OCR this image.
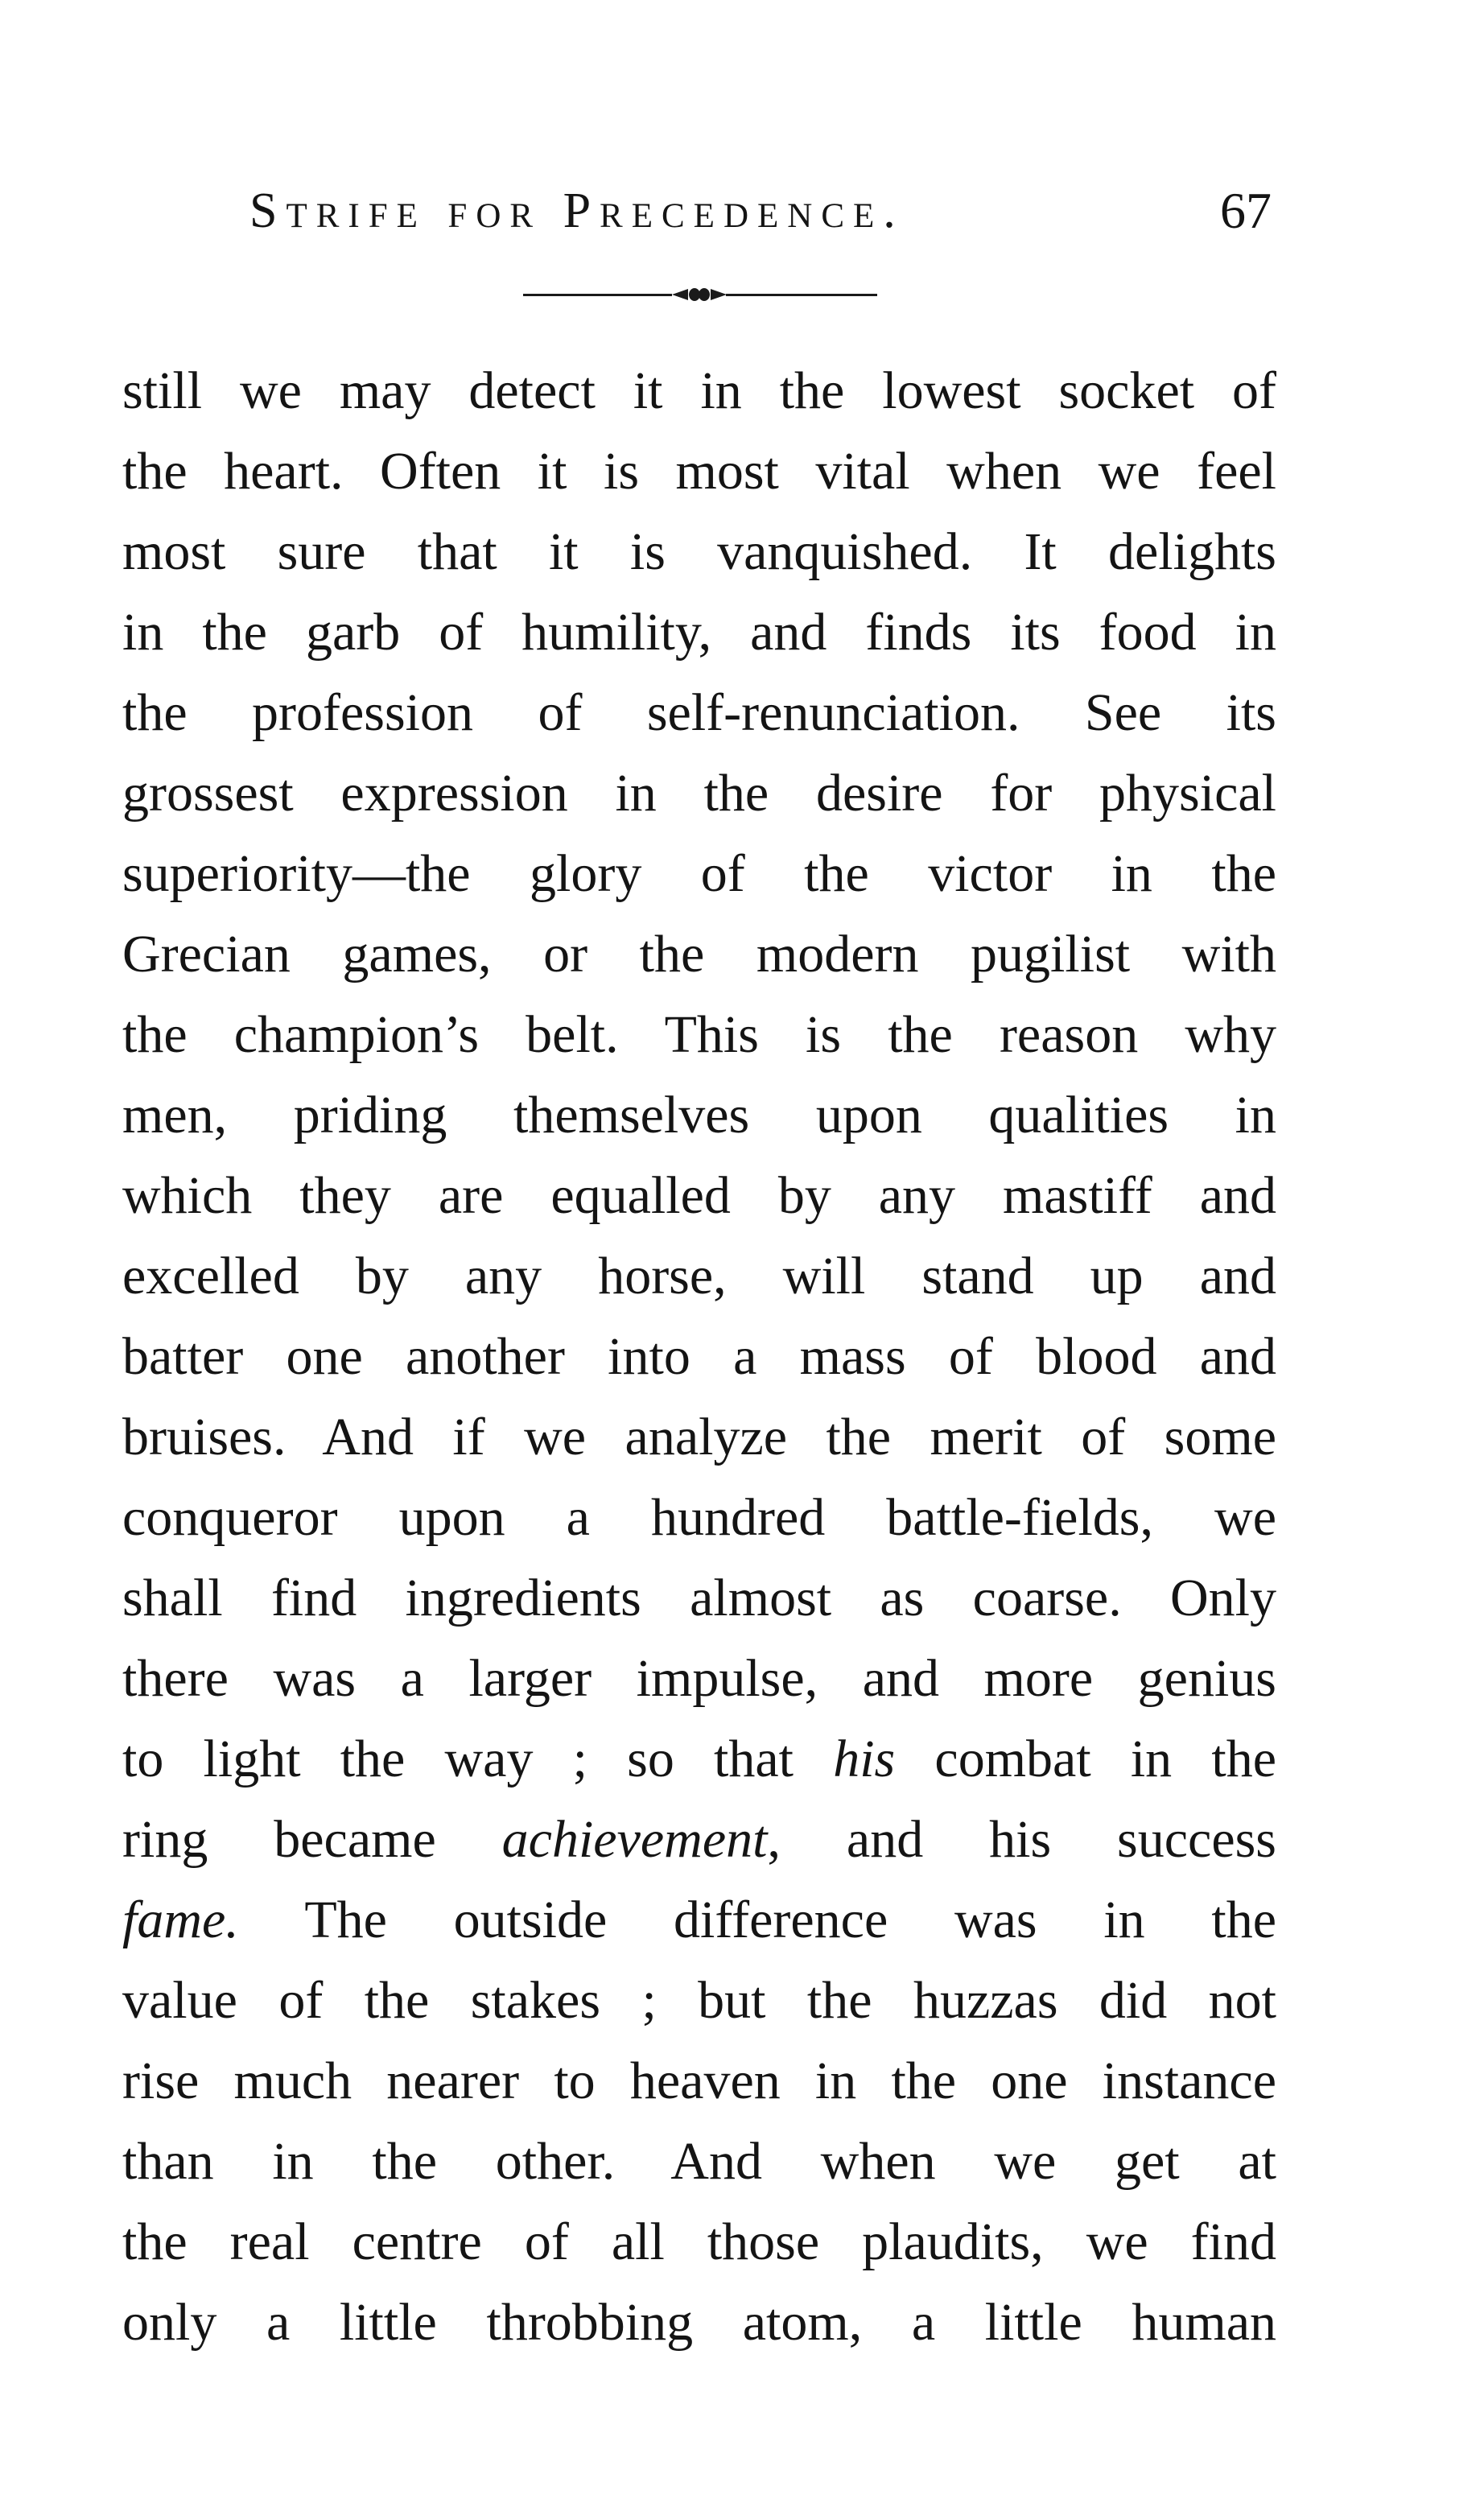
Strife for Precedence.	67
still we may detect it in the lowest socket of
the heart. Often it is most vital when we feel
most sure that it is vanquished. It delights
in the garb of humility, and finds its food in
the profession of self-renunciation. See its
grossest expression in the desire for physical
superiority—the glory of the victor in the
Grecian games, or the modern pugilist with
the champion’s belt. This is the reason why
men, priding themselves upon qualities in
which they are equalled by any mastiff and
excelled by any horse, will stand up and
batter one another into a mass of blood and
bruises. And if we analyze the merit of some
conqueror upon a hundred battle-fields, we
shall find ingredients almost as coarse. Only
there was a larger impulse, and more genius
to light the way ; so that his combat in the
ring became achievement, and his success
fame. The outside difference was in the
value of the stakes ; but the huzzas did not
rise much nearer to heaven in the one instance
than in the other. And when we get at
the real centre of all those plaudits, we find
only a little throbbing atom, a little human
